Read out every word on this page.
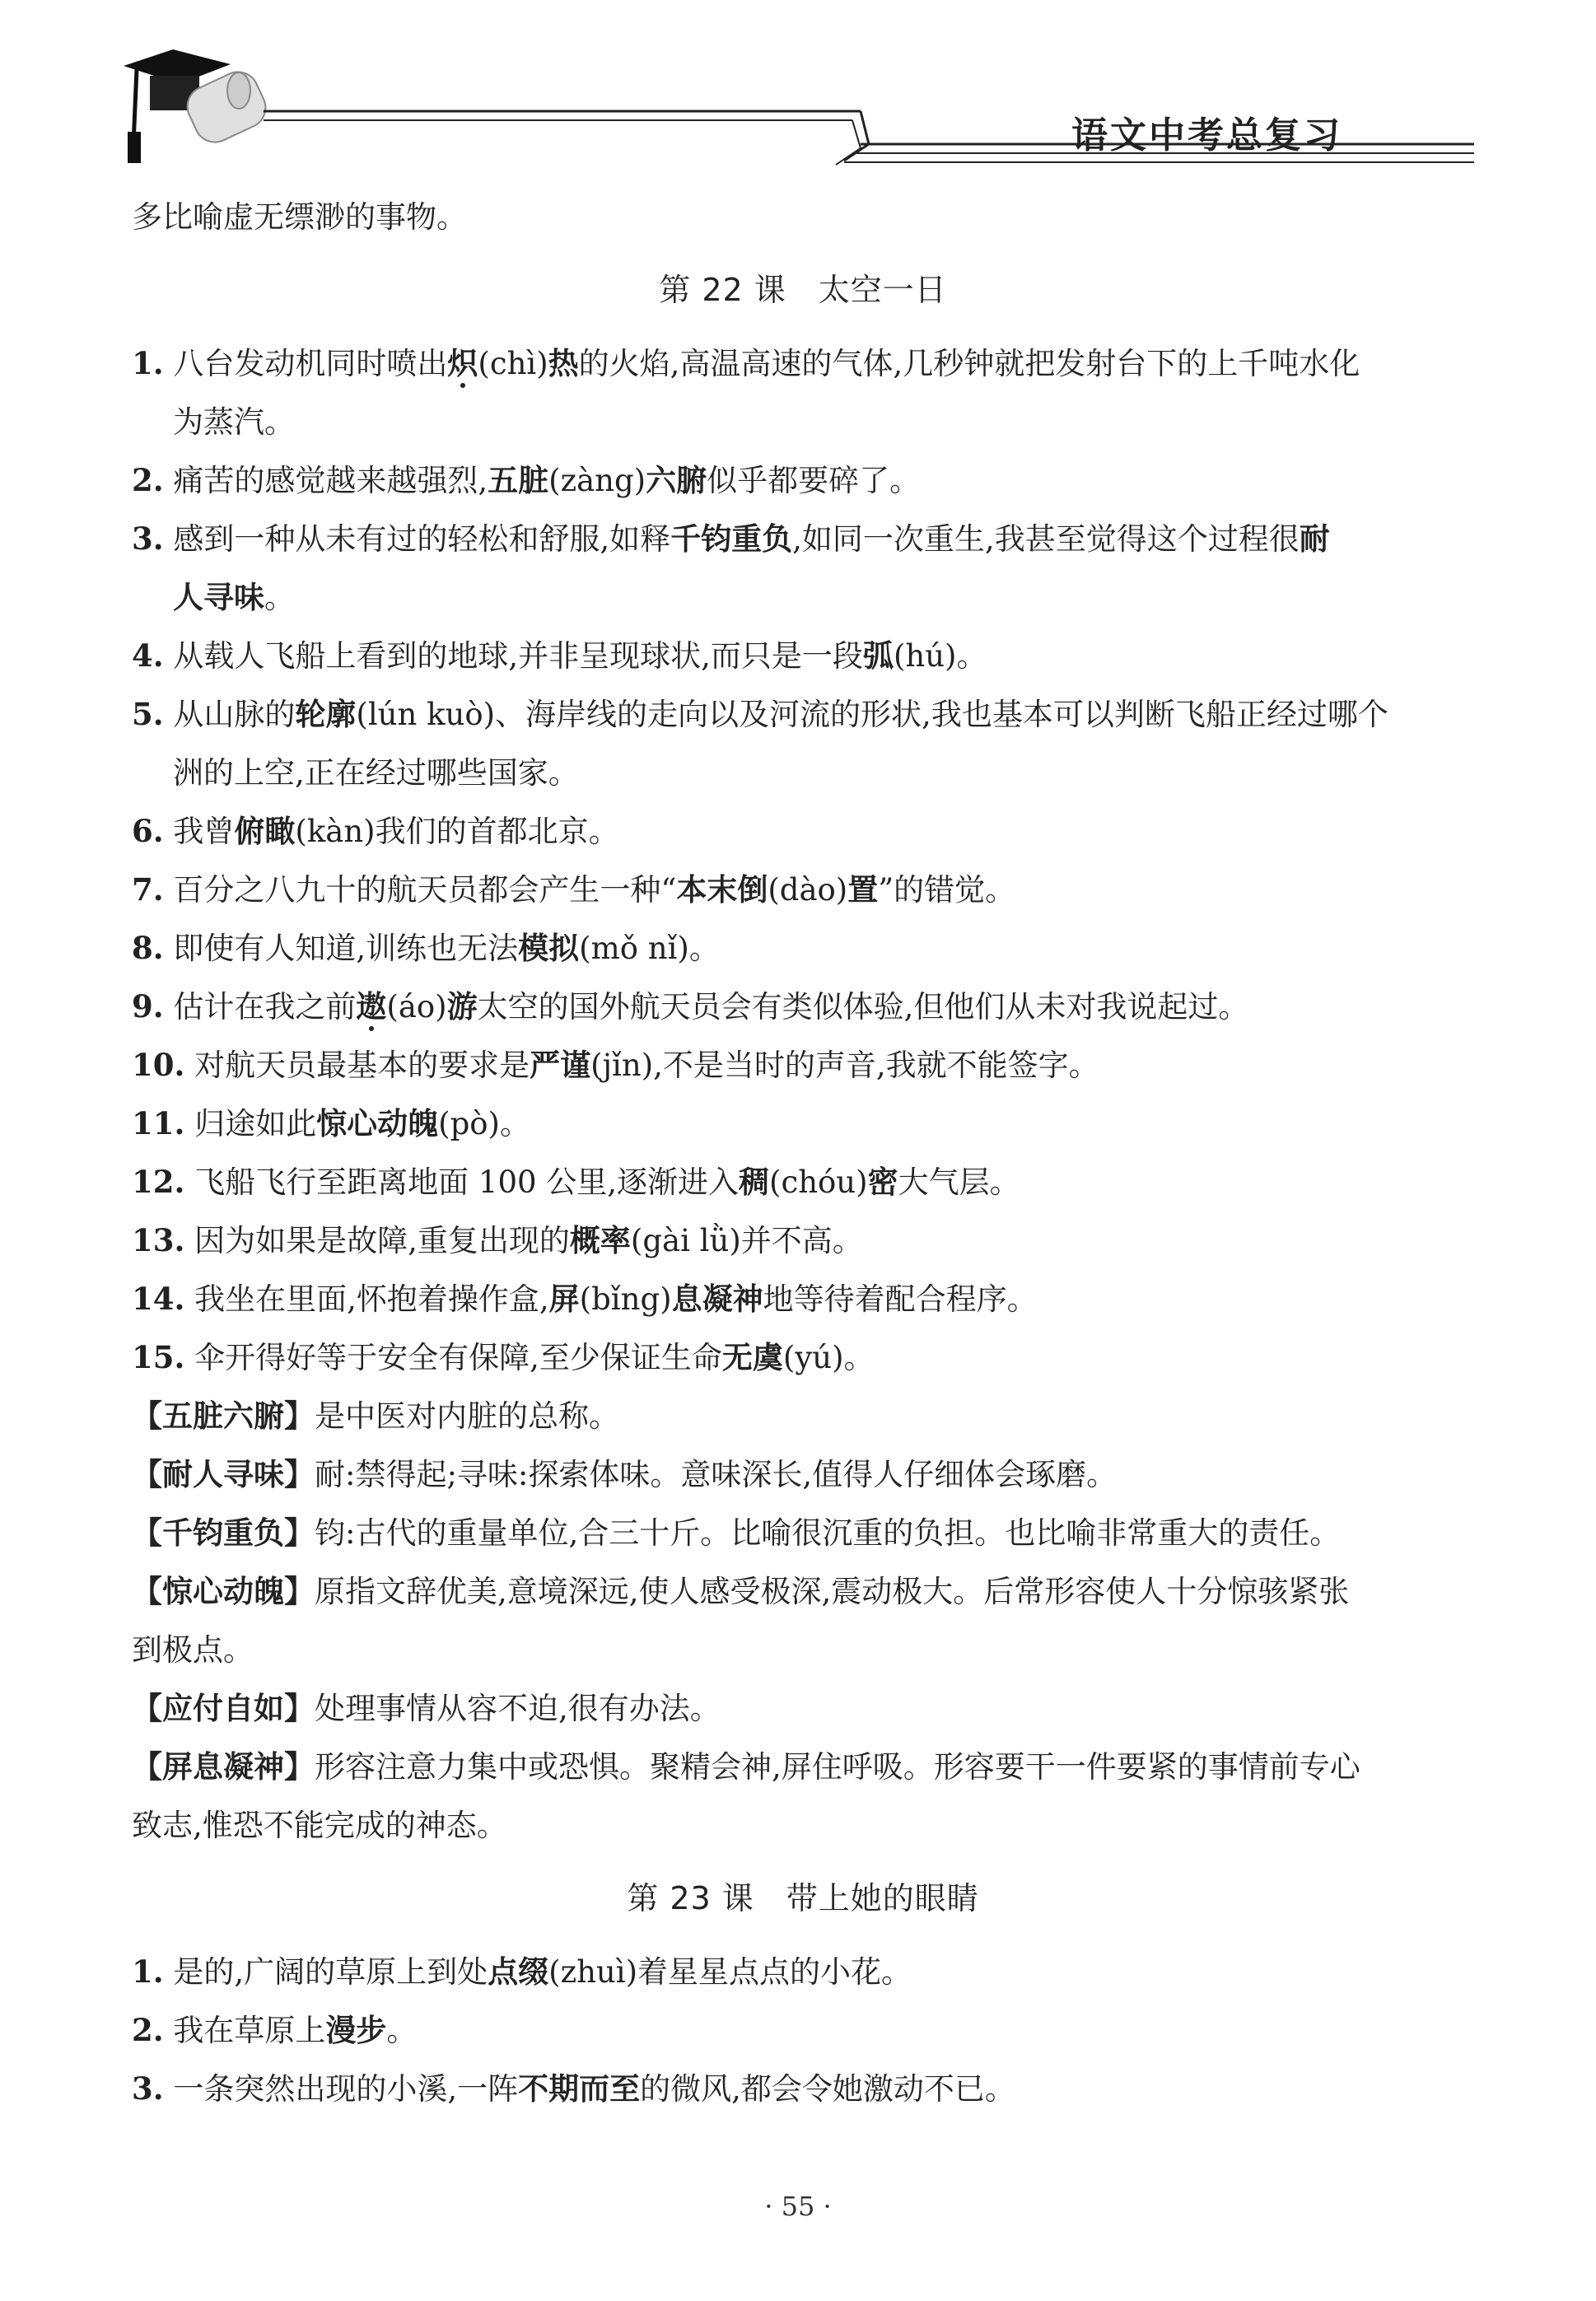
语文中考总复习
多比喻虚无缥渺的事物。
第 22 课　太空一日
1. 八台发动机同时喷出炽(chì)热的火焰,高温高速的气体,几秒钟就把发射台下的上千吨水化
为蒸汽。
2. 痛苦的感觉越来越强烈,五脏(zàng)六腑似乎都要碎了。
3. 感到一种从未有过的轻松和舒服,如释千钧重负,如同一次重生,我甚至觉得这个过程很耐
人寻味。
4. 从载人飞船上看到的地球,并非呈现球状,而只是一段弧(hú)。
5. 从山脉的轮廓(lún kuò)、海岸线的走向以及河流的形状,我也基本可以判断飞船正经过哪个
洲的上空,正在经过哪些国家。
6. 我曾俯瞰(kàn)我们的首都北京。
7. 百分之八九十的航天员都会产生一种“本末倒(dào)置”的错觉。
8. 即使有人知道,训练也无法模拟(mǒ nǐ)。
9. 估计在我之前遨(áo)游太空的国外航天员会有类似体验,但他们从未对我说起过。
10. 对航天员最基本的要求是严谨(jǐn),不是当时的声音,我就不能签字。
11. 归途如此惊心动魄(pò)。
12. 飞船飞行至距离地面 100 公里,逐渐进入稠(chóu)密大气层。
13. 因为如果是故障,重复出现的概率(gài lǜ)并不高。
14. 我坐在里面,怀抱着操作盒,屏(bǐng)息凝神地等待着配合程序。
15. 伞开得好等于安全有保障,至少保证生命无虞(yú)。
【五脏六腑】是中医对内脏的总称。
【耐人寻味】耐:禁得起;寻味:探索体味。意味深长,值得人仔细体会琢磨。
【千钧重负】钧:古代的重量单位,合三十斤。比喻很沉重的负担。也比喻非常重大的责任。
【惊心动魄】原指文辞优美,意境深远,使人感受极深,震动极大。后常形容使人十分惊骇紧张
到极点。
【应付自如】处理事情从容不迫,很有办法。
【屏息凝神】形容注意力集中或恐惧。聚精会神,屏住呼吸。形容要干一件要紧的事情前专心
致志,惟恐不能完成的神态。
第 23 课　带上她的眼睛
1. 是的,广阔的草原上到处点缀(zhuì)着星星点点的小花。
2. 我在草原上漫步。
3. 一条突然出现的小溪,一阵不期而至的微风,都会令她激动不已。
· 55 ·
